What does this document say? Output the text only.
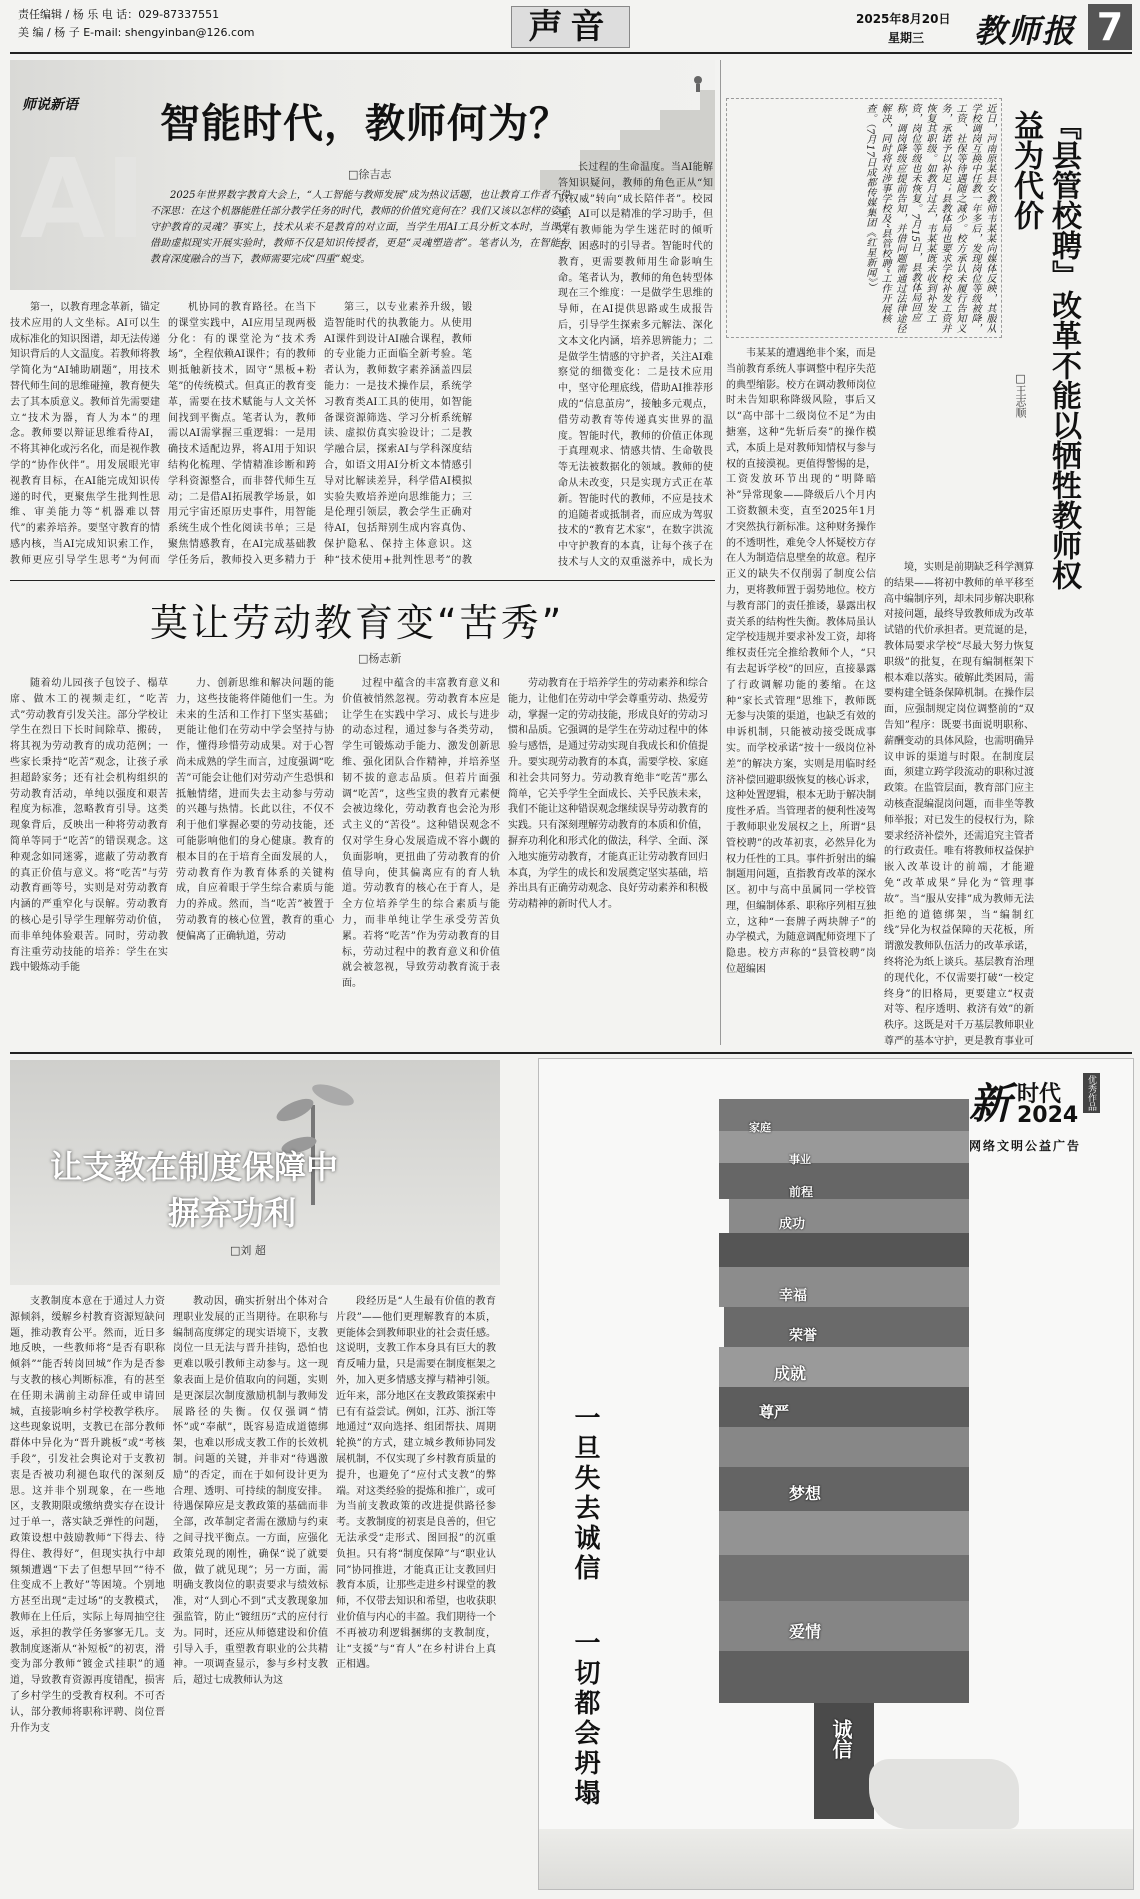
责任编辑 / 杨 乐 电 话：029-87337551
美 编 / 杨 子 E-mail: shengyinban@126.com	声音	2025年8月20日
星期三 教师报 7
AI
师说新语 智能时代，教师何为？
□徐吉志
2025年世界数字教育大会上，“人工智能与教师发展”成为热议话题，也让教育工作者不得不深思：在这个机器能胜任部分教学任务的时代，教师的价值究竟何在？我们又该以怎样的姿态守护教育的灵魂？事实上，技术从来不是教育的对立面，当学生用AI工具分析文本时，当课堂借助虚拟现实开展实验时，教师不仅是知识传授者，更是“灵魂塑造者”。笔者认为，在智能与教育深度融合的当下，教师需要完成“四重”蜕变。

第一，以教育理念革新，锚定技术应用的人文坐标。AI可以生成标准化的知识图谱，却无法传递知识背后的人文温度。若教师将教学简化为“AI辅助刷题”，用技术替代师生间的思维碰撞，教育便失去了其本质意义。教师首先需要建立“技术为器，育人为本”的理念。教师要以辩证思维看待AI，不将其神化或污名化，而是视作教学的“协作伙伴”。用发展眼光审视教育目标，在AI能完成知识传递的时代，更聚焦学生批判性思维、审美能力等“机器难以替代”的素养培养。要坚守教育的情感内核，当AI完成知识索工作，教师更应引导学生思考“为何而

机协同的教育路径。在当下的课堂实践中，AI应用呈现两极分化：有的课堂沦为“技术秀场”，全程依赖AI课件；有的教师则抵触新技术，固守“黑板+粉笔”的传统模式。但真正的教育变革，需要在技术赋能与人文关怀间找到平衡点。笔者认为，教师需以AI需掌握三重逻辑：一是用确技术适配边界，将AI用于知识结构化梳理、学情精准诊断和跨学科资源整合，而非替代师生互动；二是借AI拓展教学场景，如用元宇宙还原历史事件，用智能系统生成个性化阅读书单；三是聚焦情感教育，在AI完成基础教学任务后，教师投入更多精力于

第三，以专业素养升级，锻造智能时代的执教能力。从使用AI课件到设计AI融合课程，教师的专业能力正面临全新考验。笔者认为，教师数字素养涵盖四层能力：一是技术操作层，系统学习教育类AI工具的使用，如智能备课资源筛选、学习分析系统解读、虚拟仿真实验设计；二是教学融合层，探索AI与学科深度结合，如语文用AI分析文本情感引导对比解读差异，科学借AI模拟实验失败培养逆向思维能力；三是伦理引领层，教会学生正确对待AI，包括辩别生成内容真伪、保护隐私、保持主体意识。这种“技术使用+批判性思考”的教

长过程的生命温度。当AI能解答知识疑问，教师的角色正从“知识权威”转向“成长陪伴者”。校园里，AI可以是精准的学习助手，但只有教师能为学生迷茫时的倾听者、困惑时的引导者。智能时代的教育，更需要教师用生命影响生命。笔者认为，教师的角色转型体现在三个维度：一是做学生思维的导师，在AI提供思路或生成报告后，引导学生探索多元解法、深化文本文化内涵，培养思辨能力；二是做学生情感的守护者，关注AI难察觉的细微变化：二是技术应用中，坚守伦理底线，借助AI推荐形成的“信息茧房”，接触多元观点，借劳动教育等传递真实世界的温度。智能时代，教师的价值正体现于真理观求、情感共情、生命敬畏等无法被数据化的领域。教师的使命从未改变，只是实现方式正在革新。智能时代的教师，不应是技术的追随者或抵制者，而应成为驾驭技术的“教育艺术家”，在数字洪流中守护教育的本真，让每个孩子在技术与人文的双重滋养中，成长为

莫让劳动教育变“苦秀”
□杨志新

随着幼儿园孩子包饺子、榻草席、做木工的视频走红，“吃苦式”劳动教育引发关注。部分学校让学生在烈日下长时间除草、搬砖，将其视为劳动教育的成功范例；一些家长秉持“吃苦”观念，让孩子承担超龄家务；还有社会机构组织的劳动教育活动，单纯以强度和艰苦程度为标准，忽略教育引导。这类现象背后，反映出一种将劳动教育简单等同于“吃苦”的错误观念。这种观念如同迷雾，遮蔽了劳动教育的真正价值与意义。将“吃苦”与劳动教育画等号，实则是对劳动教育内涵的严重窄化与误解。劳动教育的核心是引导学生理解劳动价值，而非单纯体验艰苦。同时，劳动教育注重劳动技能的培养：学生在实践中锻炼动手能

力、创新思维和解决问题的能力，这些技能将伴随他们一生。为未来的生活和工作打下坚实基础；更能让他们在劳动中学会坚持与协作，懂得珍惜劳动成果。对于心智尚未成熟的学生而言，过度强调“吃苦”可能会让他们对劳动产生恐惧和抵触情绪，进而失去主动参与劳动的兴趣与热情。长此以往，不仅不利于他们掌握必要的劳动技能，还可能影响他们的身心健康。教育的根本目的在于培育全面发展的人，劳动教育作为教育体系的关键构成，自应着眼于学生综合素质与能力的养成。然而，当“吃苦”被置于劳动教育的核心位置，教育的重心便偏离了正确轨道，劳动

过程中蕴含的丰富教育意义和价值被悄然忽视。劳动教育本应是让学生在实践中学习、成长与进步的动态过程，通过参与各类劳动，学生可锻炼动手能力、激发创新思维、强化团队合作精神，并培养坚韧不拔的意志品质。但若片面强调“吃苦”，这些宝贵的教育元素便会被边缘化，劳动教育也会沦为形式主义的“苦役”。这种错误观念不仅对学生身心发展造成不容小觑的负面影响，更扭曲了劳动教育的价值导向，使其偏离应有的育人轨道。劳动教育的核心在于育人，是全方位培养学生的综合素质与能力，而非单纯让学生承受劳苦负累。若将“吃苦”作为劳动教育的目标，劳动过程中的教育意义和价值就会被忽视，导致劳动教育流于表面。

劳动教育在于培养学生的劳动素养和综合能力，让他们在劳动中学会尊重劳动、热爱劳动，掌握一定的劳动技能，形成良好的劳动习惯和品质。它强调的是学生在劳动过程中的体验与感悟，是通过劳动实现自我成长和价值提升。要实现劳动教育的本真，需要学校、家庭和社会共同努力。劳动教育绝非“吃苦”那么简单，它关乎学生全面成长、关乎民族未来，我们不能让这种错误观念继续误导劳动教育的实践。只有深刻理解劳动教育的本质和价值，摒弃功利化和形式化的做法，科学、全面、深入地实施劳动教育，才能真正让劳动教育回归本真，为学生的成长和发展奠定坚实基础，培养出具有正确劳动观念、良好劳动素养和积极劳动精神的新时代人才。

近日，河南原某县女教师韦某某向媒体反映，其服从学校调岗互换中任教一年多后，发现岗位等级被降，工资、社保等待遇随之减少。校方承认未履行告知义务，承诺予以补足；县教体局也要求学校补发工资并恢复其职级。如教月过去，韦某某既未收到补发工资，岗位等级也未恢复。7月15日，县教体局回应称，调岗降级应提前告知，并借问题需通过法律途径解决，同时将对涉事学校及“县管校聘”工作开展核查。（7月17日成都传媒集团《红星新闻》）	『县管校聘』改革不能以牺牲教师权益为代价
□王志顺

韦某某的遭遇绝非个案，而是当前教育系统人事调整中程序失范的典型缩影。校方在调动教师岗位时未告知职称降级风险，事后又以“高中部十二级岗位不足”为由搪塞，这种“先斩后奏”的操作模式，本质上是对教师知情权与参与权的直接漠视。更值得警惕的是，工资发放环节出现的“明降暗补”异常现象——降级后八个月内工资数额未变，直至2025年1月才突然执行新标准。这种财务操作的不透明性，难免令人怀疑校方存在人为制造信息壁垒的故意。程序正义的缺失不仅削弱了制度公信力，更将教师置于弱势地位。校方与教育部门的责任推诿，暴露出权责关系的结构性失衡。教体局虽认定学校违规并要求补发工资，却将维权责任完全推给教师个人，“只有去起诉学校”的回应，直接暴露了行政调解功能的萎缩。在这种“家长式管理”思维下，教师既无参与决策的渠道，也缺乏有效的申诉机制，只能被动接受既成事实。而学校承诺“按十一级岗位补差”的解决方案，实则是用临时经济补偿回避职级恢复的核心诉求，这种处置逻辑，根本无助于解决制度性矛盾。当管理者的便利性凌驾于教师职业发展权之上，所谓“县管校聘”的改革初衷，必然异化为权力任性的工具。事件折射出的编制题用问题，直指教育改革的深水区。初中与高中虽属同一学校管理，但编制体系、职称序列相互独立，这种“一套牌子两块牌子”的办学模式，为随意调配师资埋下了隐患。校方声称的“县管校聘”岗位超编困

境，实则是前期缺乏科学测算的结果——将初中教师的单平移至高中编制序列，却未同步解决职称对接问题，最终导致教师成为改革试错的代价承担者。更荒诞的是，教体局要求学校“尽最大努力恢复职级”的批复，在现有编制框架下根本难以落实。破解此类困局，需要构建全链条保障机制。在操作层面，应强制规定岗位调整前的“双告知”程序：既要书面说明职称、薪酬变动的具体风险，也需明确异议申诉的渠道与时限。在制度层面，须建立跨学段流动的职称过渡政策。在监管层面，教育部门应主动核查混编混岗问题，而非坐等教师举报；对已发生的侵权行为，除要求经济补偿外，还需追究主管者的行政责任。唯有将教师权益保护嵌入改革设计的前端，才能避免“改革成果”异化为“管理事故”。当“服从安排”成为教师无法拒绝的道德绑架，当“编制红线”异化为权益保障的天花板，所谓激发教师队伍活力的改革承诺，终将沦为纸上谈兵。基层教育治理的现代化，不仅需要打破“一校定终身”的旧格局，更要建立“权责对等、程序透明、救济有效”的新秩序。这既是对千万基层教师职业尊严的基本守护，更是教育事业可

让支教在制度保障中
摒弃功利
□刘 超

支教制度本意在于通过人力资源倾斜，缓解乡村教育资源短缺问题，推动教育公平。然而，近日多地反映，一些教师将“是否有职称倾斜”“能否转岗回城”作为是否参与支教的核心判断标准，有的甚至在任期未满前主动辞任或申请回城，直接影响乡村学校教学秩序。这些现象说明，支教已在部分教师群体中异化为“晋升跳板”或“考核手段”，引发社会舆论对于支教初衷是否被功利褪色取代的深刻反思。这并非个别现象，在一些地区，支教期限或缴纳费实存在设计过于单一，落实缺乏弹性的问题，政策设想中鼓励教师“下得去、待得住、教得好”，但现实执行中却频频遭遇“下去了但想早回”“待不住变成不上教好”等困境。个别地方甚至出现“走过场”的支教模式，教师在上任后，实际上每周抽空往返，承担的教学任务寥寥无几。支教制度逐渐从“补短板”的初衷，滑变为部分教师“镀金式挂职”的通道，导致教育资源再度错配，损害了乡村学生的受教育权利。不可否认，部分教师将职称评聘、岗位晋升作为支

教动因，确实折射出个体对合理职业发展的正当期待。在职称与编制高度绑定的现实语境下，支教岗位一旦无法与晋升挂钩，恐怕也更难以吸引教师主动参与。这一现象表面上是价值取向的问题，实则是更深层次制度激励机制与教师发展路径的失衡。仅仅强调“情怀”或“奉献”，既容易造成道德绑架，也难以形成支教工作的长效机制。问题的关键，并非对“待遇激励”的否定，而在于如何设计更为合理、透明、可持续的制度安排。待遇保障应是支教政策的基础而非全部，改革制定者需在激励与约束之间寻找平衡点。一方面，应强化政策兑现的刚性，确保“说了就要做，做了就见现”；另一方面，需明确支教岗位的职责要求与绩效标准，对“人到心不到”式支教现象加强监管，防止“镀纽历”式的应付行为。同时，还应从师德建设和价值引导入手，重塑教育职业的公共精神。一项调查显示，参与乡村支教后，超过七成教师认为这

段经历是“人生最有价值的教育片段”——他们更理解教育的本质，更能体会到教师职业的社会责任感。这说明，支教工作本身具有巨大的教育反哺力量，只是需要在制度框架之外，加入更多情感支撑与精神引领。近年来，部分地区在支教政策探索中已有有益尝试。例如，江苏、浙江等地通过“双向选择、组团帮扶、周期轮换”的方式，建立城乡教师协同发展机制，不仅实现了乡村教育质量的提升，也避免了“应付式支教”的弊端。对这类经验的提炼和推广，或可为当前支教政策的改进提供路径参考。支教制度的初衷是良善的，但它无法承受“走形式、图回报”的沉重负担。只有将“制度保障”与“职业认同”协同推进，才能真正让支教回归教育本质，让那些走进乡村课堂的教师，不仅带去知识和希望，也收获职业价值与内心的丰盈。我们期待一个不再被功利逻辑捆绑的支教制度，让“支援”与“育人”在乡村讲台上真正相遇。

新 时代
2024
优秀作品
网络文明公益广告
一旦失去诚信
一切都会坍塌
家庭
事业
前程
成功
幸福
荣誉
成就
尊严
梦想
爱情
诚信
